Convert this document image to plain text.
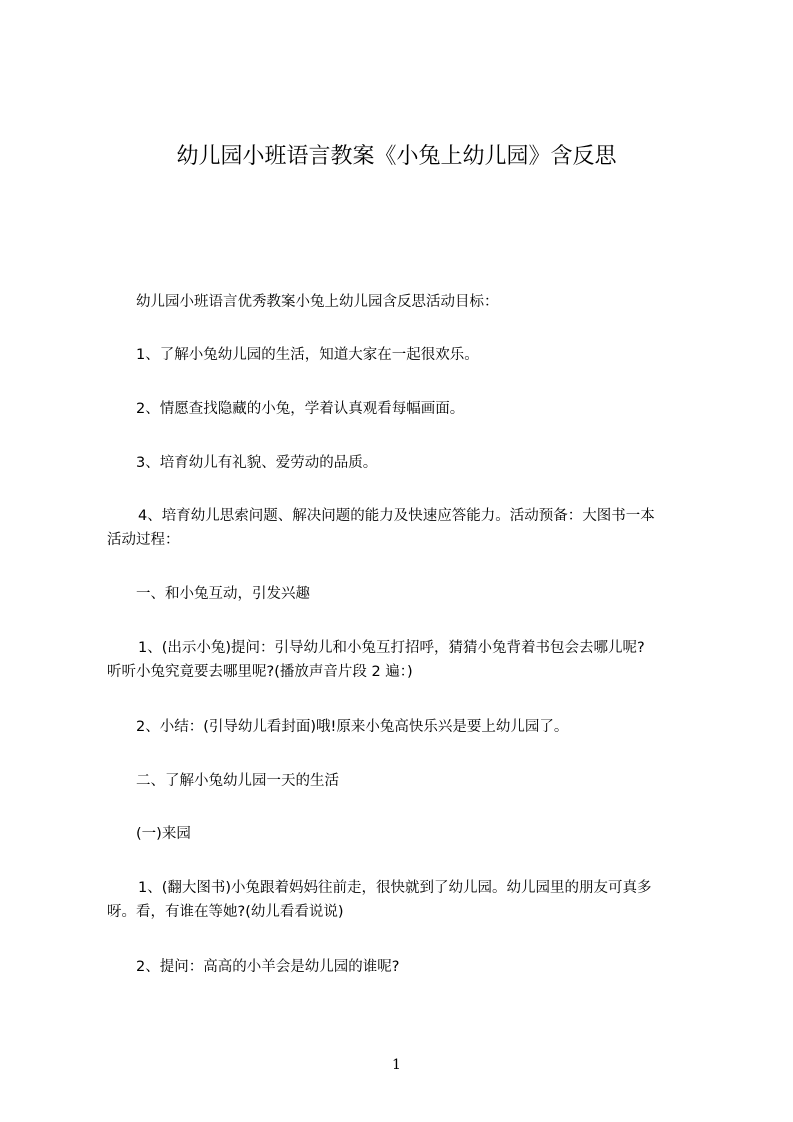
幼儿园小班语言教案《小兔上幼儿园》含反思
幼儿园小班语言优秀教案小兔上幼儿园含反思活动目标：
1、了解小兔幼儿园的生活，知道大家在一起很欢乐。
2、情愿查找隐藏的小兔，学着认真观看每幅画面。
3、培育幼儿有礼貌、爱劳动的品质。
4、培育幼儿思索问题、解决问题的能力及快速应答能力。活动预备：大图书一本
活动过程：
一、和小兔互动，引发兴趣
1、(出示小兔)提问：引导幼儿和小兔互打招呼，猜猜小兔背着书包会去哪儿呢?
听听小兔究竟要去哪里呢?(播放声音片段 2 遍：)
2、小结：(引导幼儿看封面)哦!原来小兔高快乐兴是要上幼儿园了。
二、了解小兔幼儿园一天的生活
(一)来园
1、(翻大图书)小兔跟着妈妈往前走，很快就到了幼儿园。幼儿园里的朋友可真多
呀。看，有谁在等她?(幼儿看看说说)
2、提问：高高的小羊会是幼儿园的谁呢?
1
